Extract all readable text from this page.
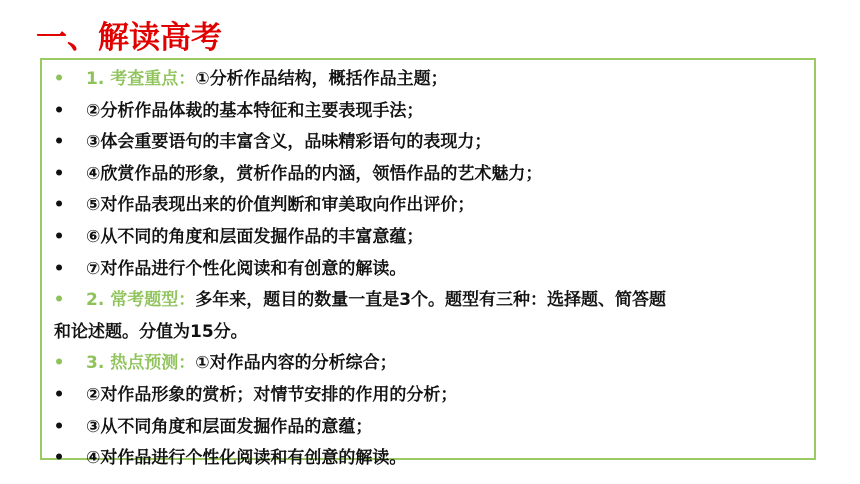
一、解读高考
• 1. 考查重点：①分析作品结构，概括作品主题；
• ②分析作品体裁的基本特征和主要表现手法；
• ③体会重要语句的丰富含义，品味精彩语句的表现力；
• ④欣赏作品的形象，赏析作品的内涵，领悟作品的艺术魅力；
• ⑤对作品表现出来的价值判断和审美取向作出评价；
• ⑥从不同的角度和层面发掘作品的丰富意蕴；
• ⑦对作品进行个性化阅读和有创意的解读。
• 2. 常考题型：多年来，题目的数量一直是3个。题型有三种：选择题、简答题
和论述题。分值为15分。
• 3. 热点预测：①对作品内容的分析综合；
• ②对作品形象的赏析；对情节安排的作用的分析；
• ③从不同角度和层面发掘作品的意蕴；
• ④对作品进行个性化阅读和有创意的解读。
